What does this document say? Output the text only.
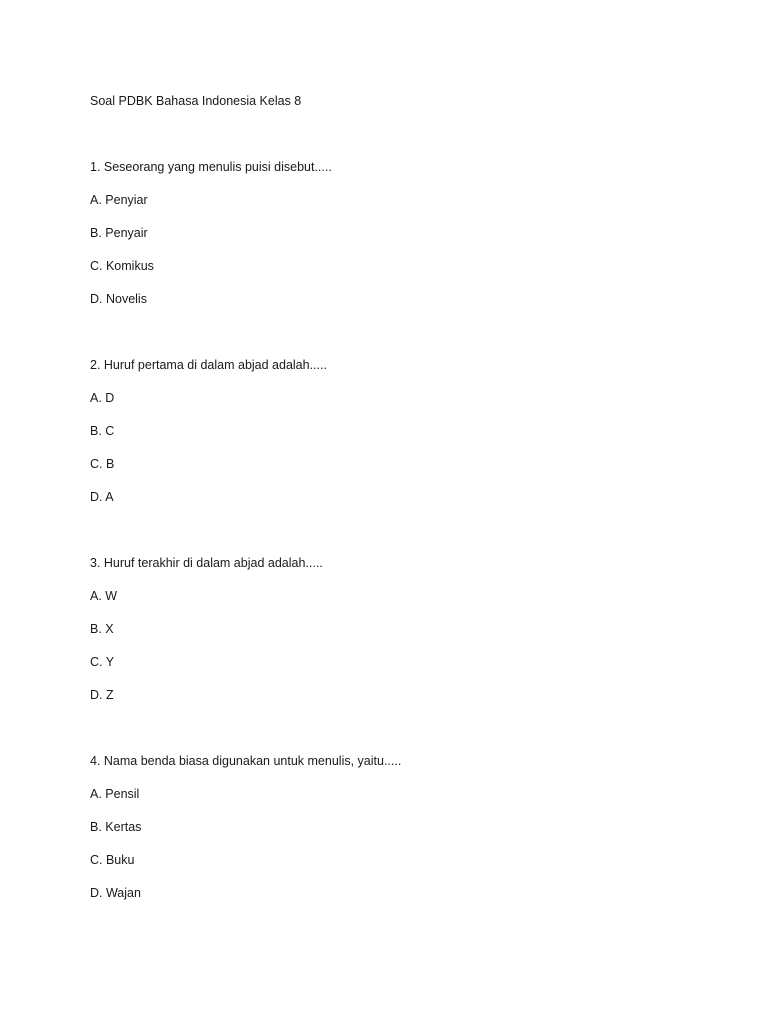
Soal PDBK Bahasa Indonesia Kelas 8

1. Seseorang yang menulis puisi disebut.....

A. Penyiar

B. Penyair

C. Komikus

D. Novelis

2. Huruf pertama di dalam abjad adalah.....

A. D

B. C

C. B

D. A

3. Huruf terakhir di dalam abjad adalah.....

A. W

B. X

C. Y

D. Z

4. Nama benda biasa digunakan untuk menulis, yaitu.....

A. Pensil

B. Kertas

C. Buku

D. Wajan
